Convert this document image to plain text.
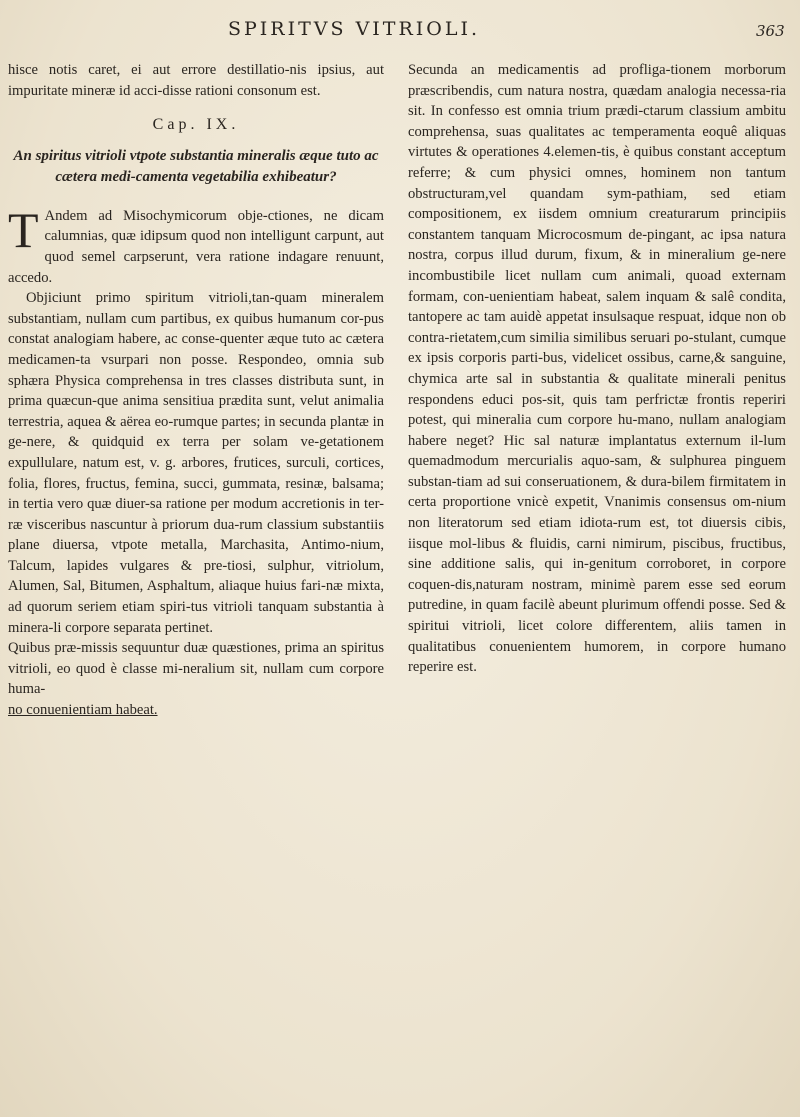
SPIRITVS VITRIOLI.	363

hisce notis caret, ei aut errore destillatio-nis ipsius, aut impuritate mineræ id acci-disse rationi consonum est.

Cap. IX.
An spiritus vitrioli vtpote substantia mineralis æque tuto ac cætera medi-camenta vegetabilia exhibeatur?
T Andem ad Misochymicorum obje-ctiones, ne dicam calumnias, quæ idipsum quod non intelligunt carpunt, aut quod semel carpserunt, vera ratione indagare renuunt, accedo.

Objiciunt primo spiritum vitrioli,tan-quam mineralem substantiam, nullam cum partibus, ex quibus humanum cor-pus constat analogiam habere, ac conse-quenter æque tuto ac cætera medicamen-ta vsurpari non posse. Respondeo, omnia sub sphæra Physica comprehensa in tres classes distributa sunt, in prima quæcun-que anima sensitiua prædita sunt, velut animalia terrestria, aquea & aërea eo-rumque partes; in secunda plantæ in ge-nere, & quidquid ex terra per solam ve-getationem expullulare, natum est, v. g. arbores, frutices, surculi, cortices, folia, flores, fructus, femina, succi, gummata, resinæ, balsama; in tertia vero quæ diuer-sa ratione per modum accretionis in ter-ræ visceribus nascuntur à priorum dua-rum classium substantiis plane diuersa, vtpote metalla, Marchasita, Antimo-nium, Talcum, lapides vulgares & pre-tiosi, sulphur, vitriolum, Alumen, Sal, Bitumen, Asphaltum, aliaque huius fari-næ mixta, ad quorum seriem etiam spiri-tus vitrioli tanquam substantia à minera-li corpore separata pertinet.

Quibus præ-missis sequuntur duæ quæstiones, prima an spiritus vitrioli, eo quod è classe mi-neralium sit, nullam cum corpore huma-

no conuenientiam habeat.

Secunda an medicamentis ad profliga-tionem morborum præscribendis, cum natura nostra, quædam analogia necessa-ria sit. In confesso est omnia trium prædi-ctarum classium ambitu comprehensa, suas qualitates ac temperamenta eoquê aliquas virtutes & operationes 4.elemen-tis, è quibus constant acceptum referre; & cum physici omnes, hominem non tantum obstructuram,vel quandam sym-pathiam, sed etiam compositionem, ex iisdem omnium creaturarum principiis constantem tanquam Microcosmum de-pingant, ac ipsa natura nostra, corpus illud durum, fixum, & in mineralium ge-nere incombustibile licet nullam cum animali, quoad externam formam, con-uenientiam habeat, salem inquam & salê condita, tantopere ac tam auidè appetat insulsaque respuat, idque non ob contra-rietatem,cum similia similibus seruari po-stulant, cumque ex ipsis corporis parti-bus, videlicet ossibus, carne,& sanguine, chymica arte sal in substantia & qualitate minerali penitus respondens educi pos-sit, quis tam perfrictæ frontis reperiri potest, qui mineralia cum corpore hu-mano, nullam analogiam habere neget? Hic sal naturæ implantatus externum il-lum quemadmodum mercurialis aquo-sam, & sulphurea pinguem substan-tiam ad sui conseruationem, & dura-bilem firmitatem in certa proportione vnicè expetit, Vnanimis consensus om-nium non literatorum sed etiam idiota-rum est, tot diuersis cibis, iisque mol-libus & fluidis, carni nimirum, piscibus, fructibus, sine additione salis, qui in-genitum corroboret, in corpore coquen-dis,naturam nostram, minimè parem esse sed eorum putredine, in quam facilè abeunt plurimum offendi posse. Sed & spiritui vitrioli, licet colore differentem, aliis tamen in qualitatibus conuenientem humorem, in corpore humano reperire est.
